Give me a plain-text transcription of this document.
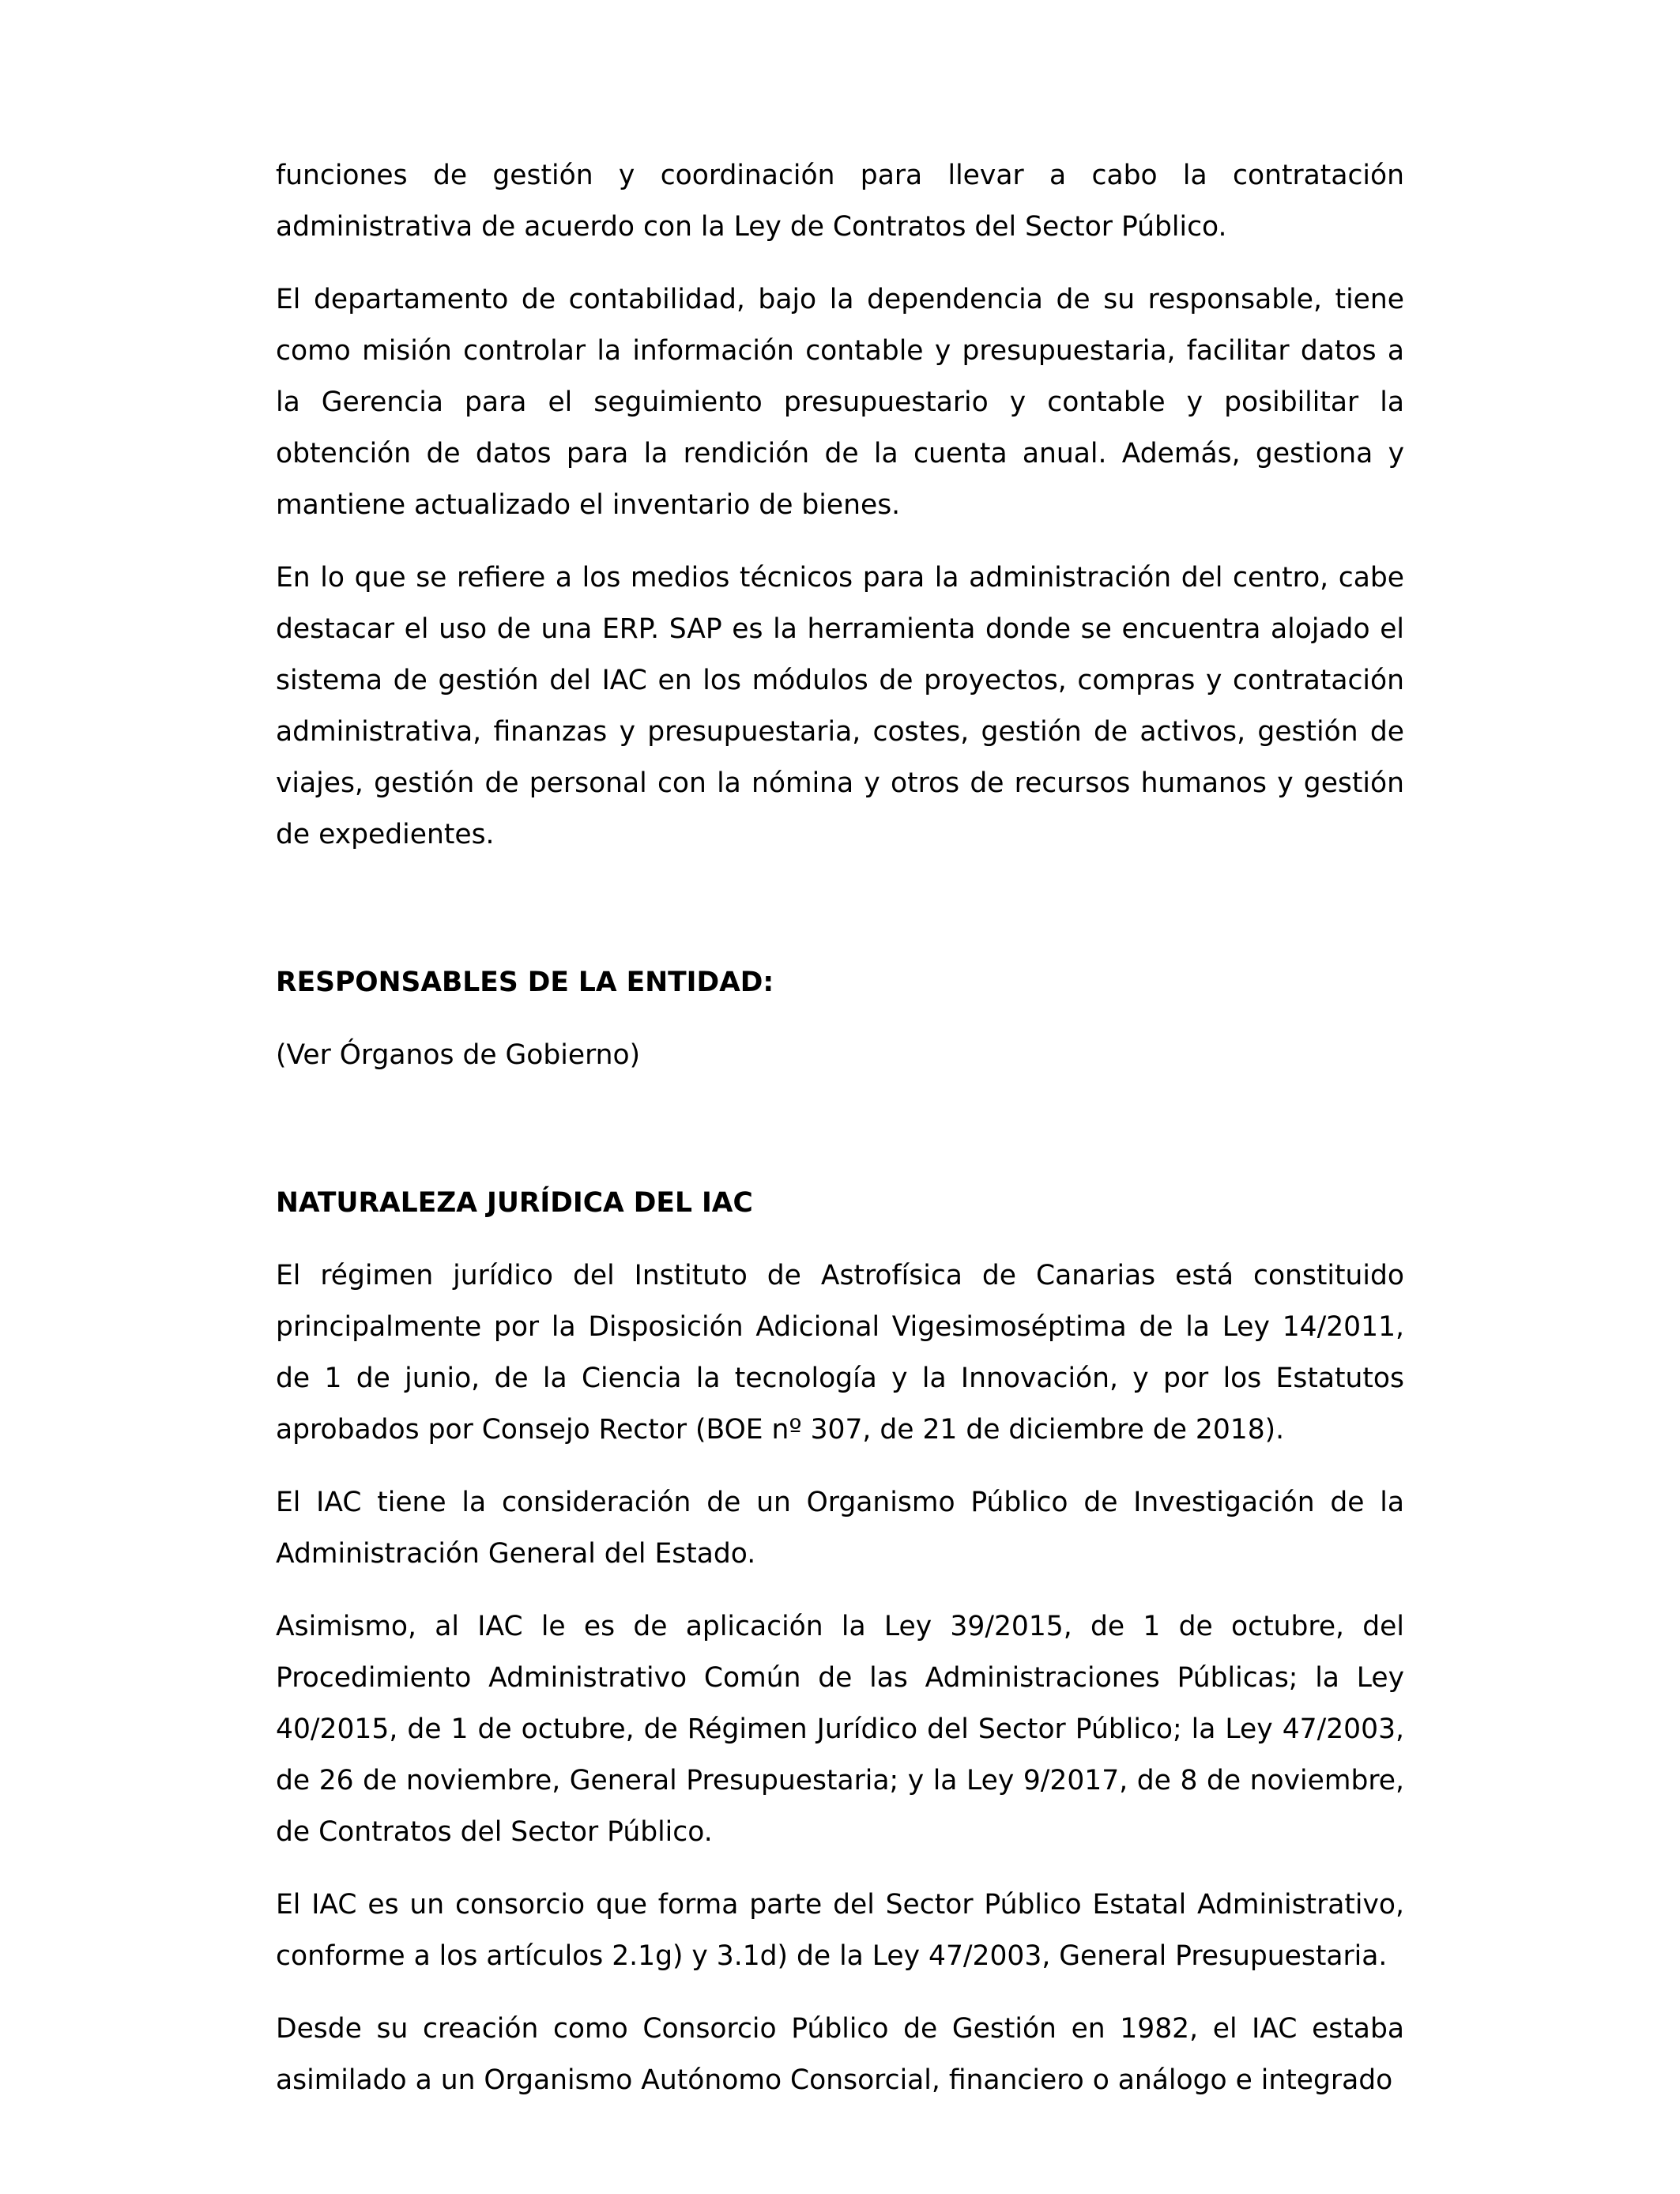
funciones de gestión y coordinación para llevar a cabo la contratación administrativa de acuerdo con la Ley de Contratos del Sector Público.

El departamento de contabilidad, bajo la dependencia de su responsable, tiene como misión controlar la información contable y presupuestaria, facilitar datos a la Gerencia para el seguimiento presupuestario y contable y posibilitar la obtención de datos para la rendición de la cuenta anual. Además, gestiona y mantiene actualizado el inventario de bienes.

En lo que se refiere a los medios técnicos para la administración del centro, cabe destacar el uso de una ERP. SAP es la herramienta donde se encuentra alojado el sistema de gestión del IAC en los módulos de proyectos, compras y contratación administrativa, finanzas y presupuestaria, costes, gestión de activos, gestión de viajes, gestión de personal con la nómina y otros de recursos humanos y gestión de expedientes.

RESPONSABLES DE LA ENTIDAD:

(Ver Órganos de Gobierno)

NATURALEZA JURÍDICA DEL IAC

El régimen jurídico del Instituto de Astrofísica de Canarias está constituido principalmente por la Disposición Adicional Vigesimoséptima de la Ley 14/2011, de 1 de junio, de la Ciencia la tecnología y la Innovación, y por los Estatutos aprobados por Consejo Rector (BOE nº 307, de 21 de diciembre de 2018).

El IAC tiene la consideración de un Organismo Público de Investigación de la Administración General del Estado.

Asimismo, al IAC le es de aplicación la Ley 39/2015, de 1 de octubre, del Procedimiento Administrativo Común de las Administraciones Públicas; la Ley 40/2015, de 1 de octubre, de Régimen Jurídico del Sector Público; la Ley 47/2003, de 26 de noviembre, General Presupuestaria; y la Ley 9/2017, de 8 de noviembre, de Contratos del Sector Público.

El IAC es un consorcio que forma parte del Sector Público Estatal Administrativo, conforme a los artículos 2.1g) y 3.1d) de la Ley 47/2003, General Presupuestaria.

Desde su creación como Consorcio Público de Gestión en 1982, el IAC estaba asimilado a un Organismo Autónomo Consorcial, financiero o análogo e integrado
